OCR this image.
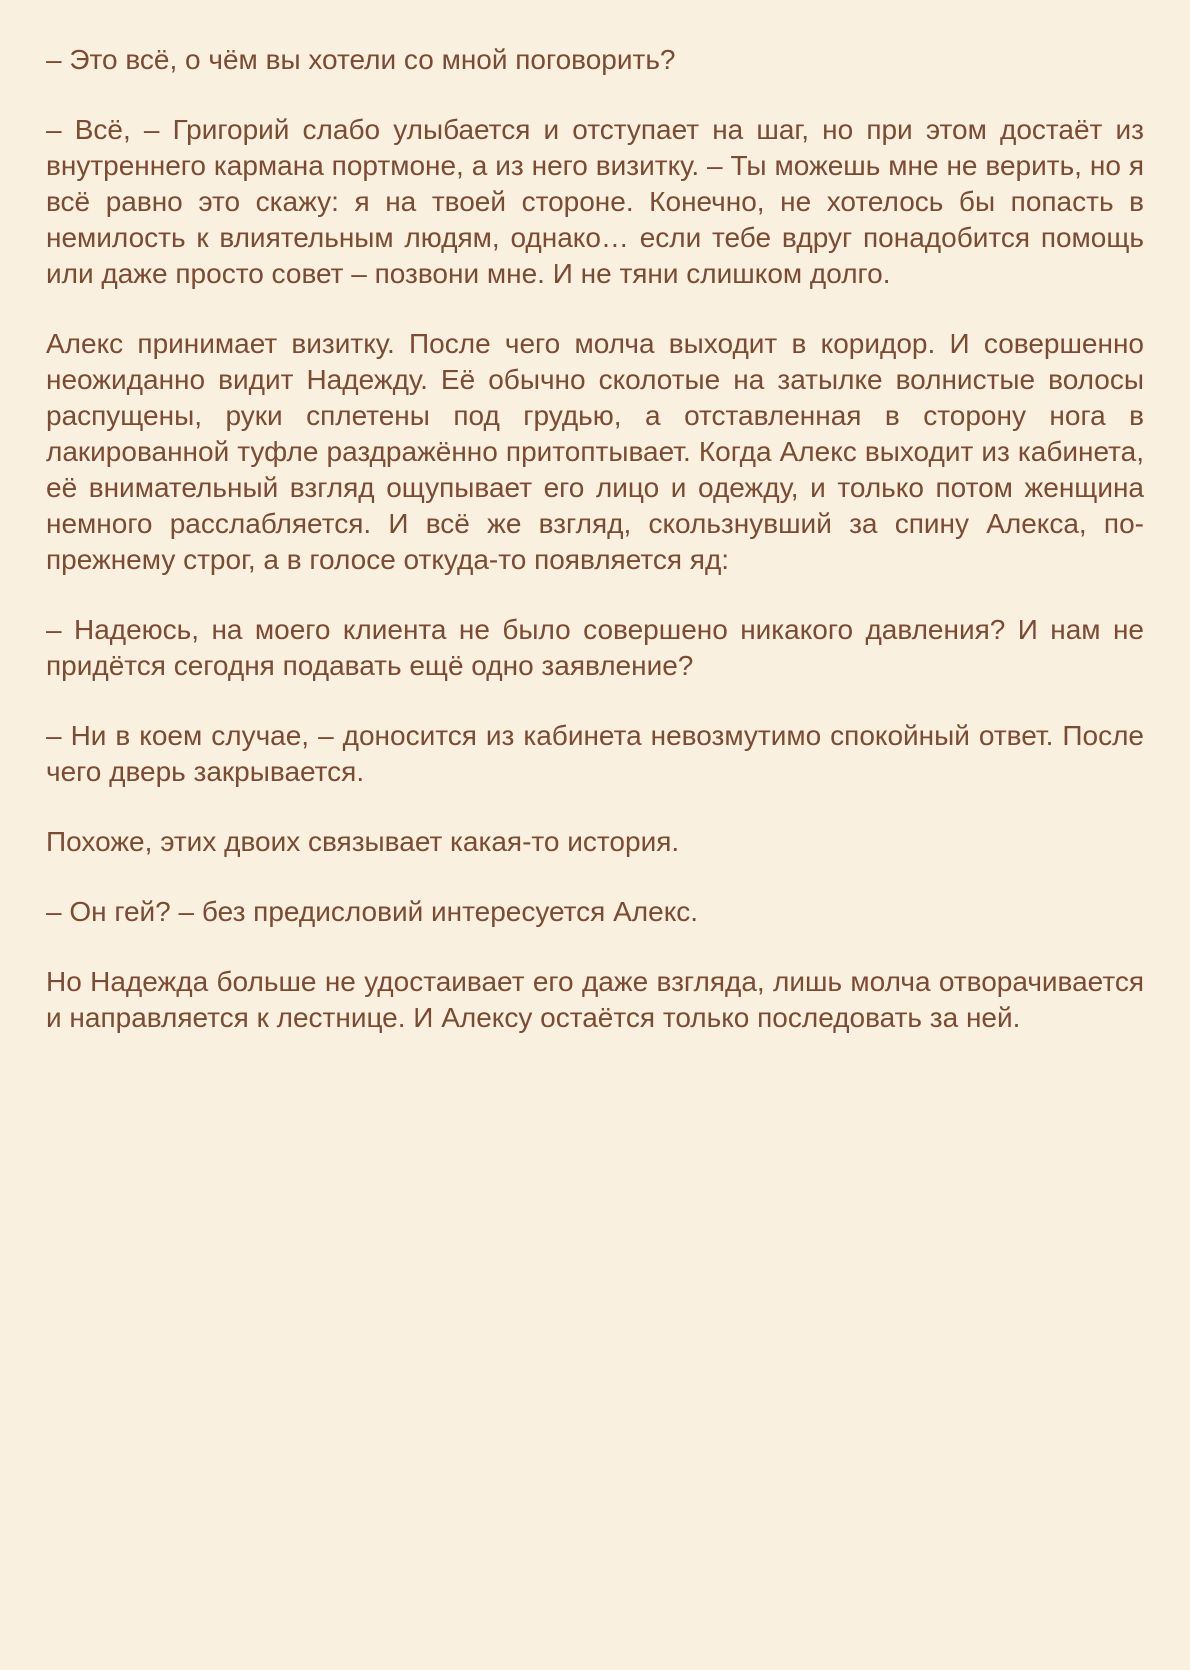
– Это всё, о чём вы хотели со мной поговорить?

– Всё, – Григорий слабо улыбается и отступает на шаг, но при этом достаёт из внутреннего кармана портмоне, а из него визитку. – Ты можешь мне не верить, но я всё равно это скажу: я на твоей стороне. Конечно, не хотелось бы попасть в немилость к влиятельным людям, однако… если тебе вдруг понадобится помощь или даже просто совет – позвони мне. И не тяни слишком долго.

Алекс принимает визитку. После чего молча выходит в коридор. И совершенно неожиданно видит Надежду. Её обычно сколотые на затылке волнистые волосы распущены, руки сплетены под грудью, а отставленная в сторону нога в лакированной туфле раздражённо притоптывает. Когда Алекс выходит из кабинета, её внимательный взгляд ощупывает его лицо и одежду, и только потом женщина немного расслабляется. И всё же взгляд, скользнувший за спину Алекса, по-прежнему строг, а в голосе откуда-то появляется яд:

– Надеюсь, на моего клиента не было совершено никакого давления? И нам не придётся сегодня подавать ещё одно заявление?

– Ни в коем случае, – доносится из кабинета невозмутимо спокойный ответ. После чего дверь закрывается.

Похоже, этих двоих связывает какая-то история.

– Он гей? – без предисловий интересуется Алекс.

Но Надежда больше не удостаивает его даже взгляда, лишь молча отворачивается и направляется к лестнице. И Алексу остаётся только последовать за ней.
